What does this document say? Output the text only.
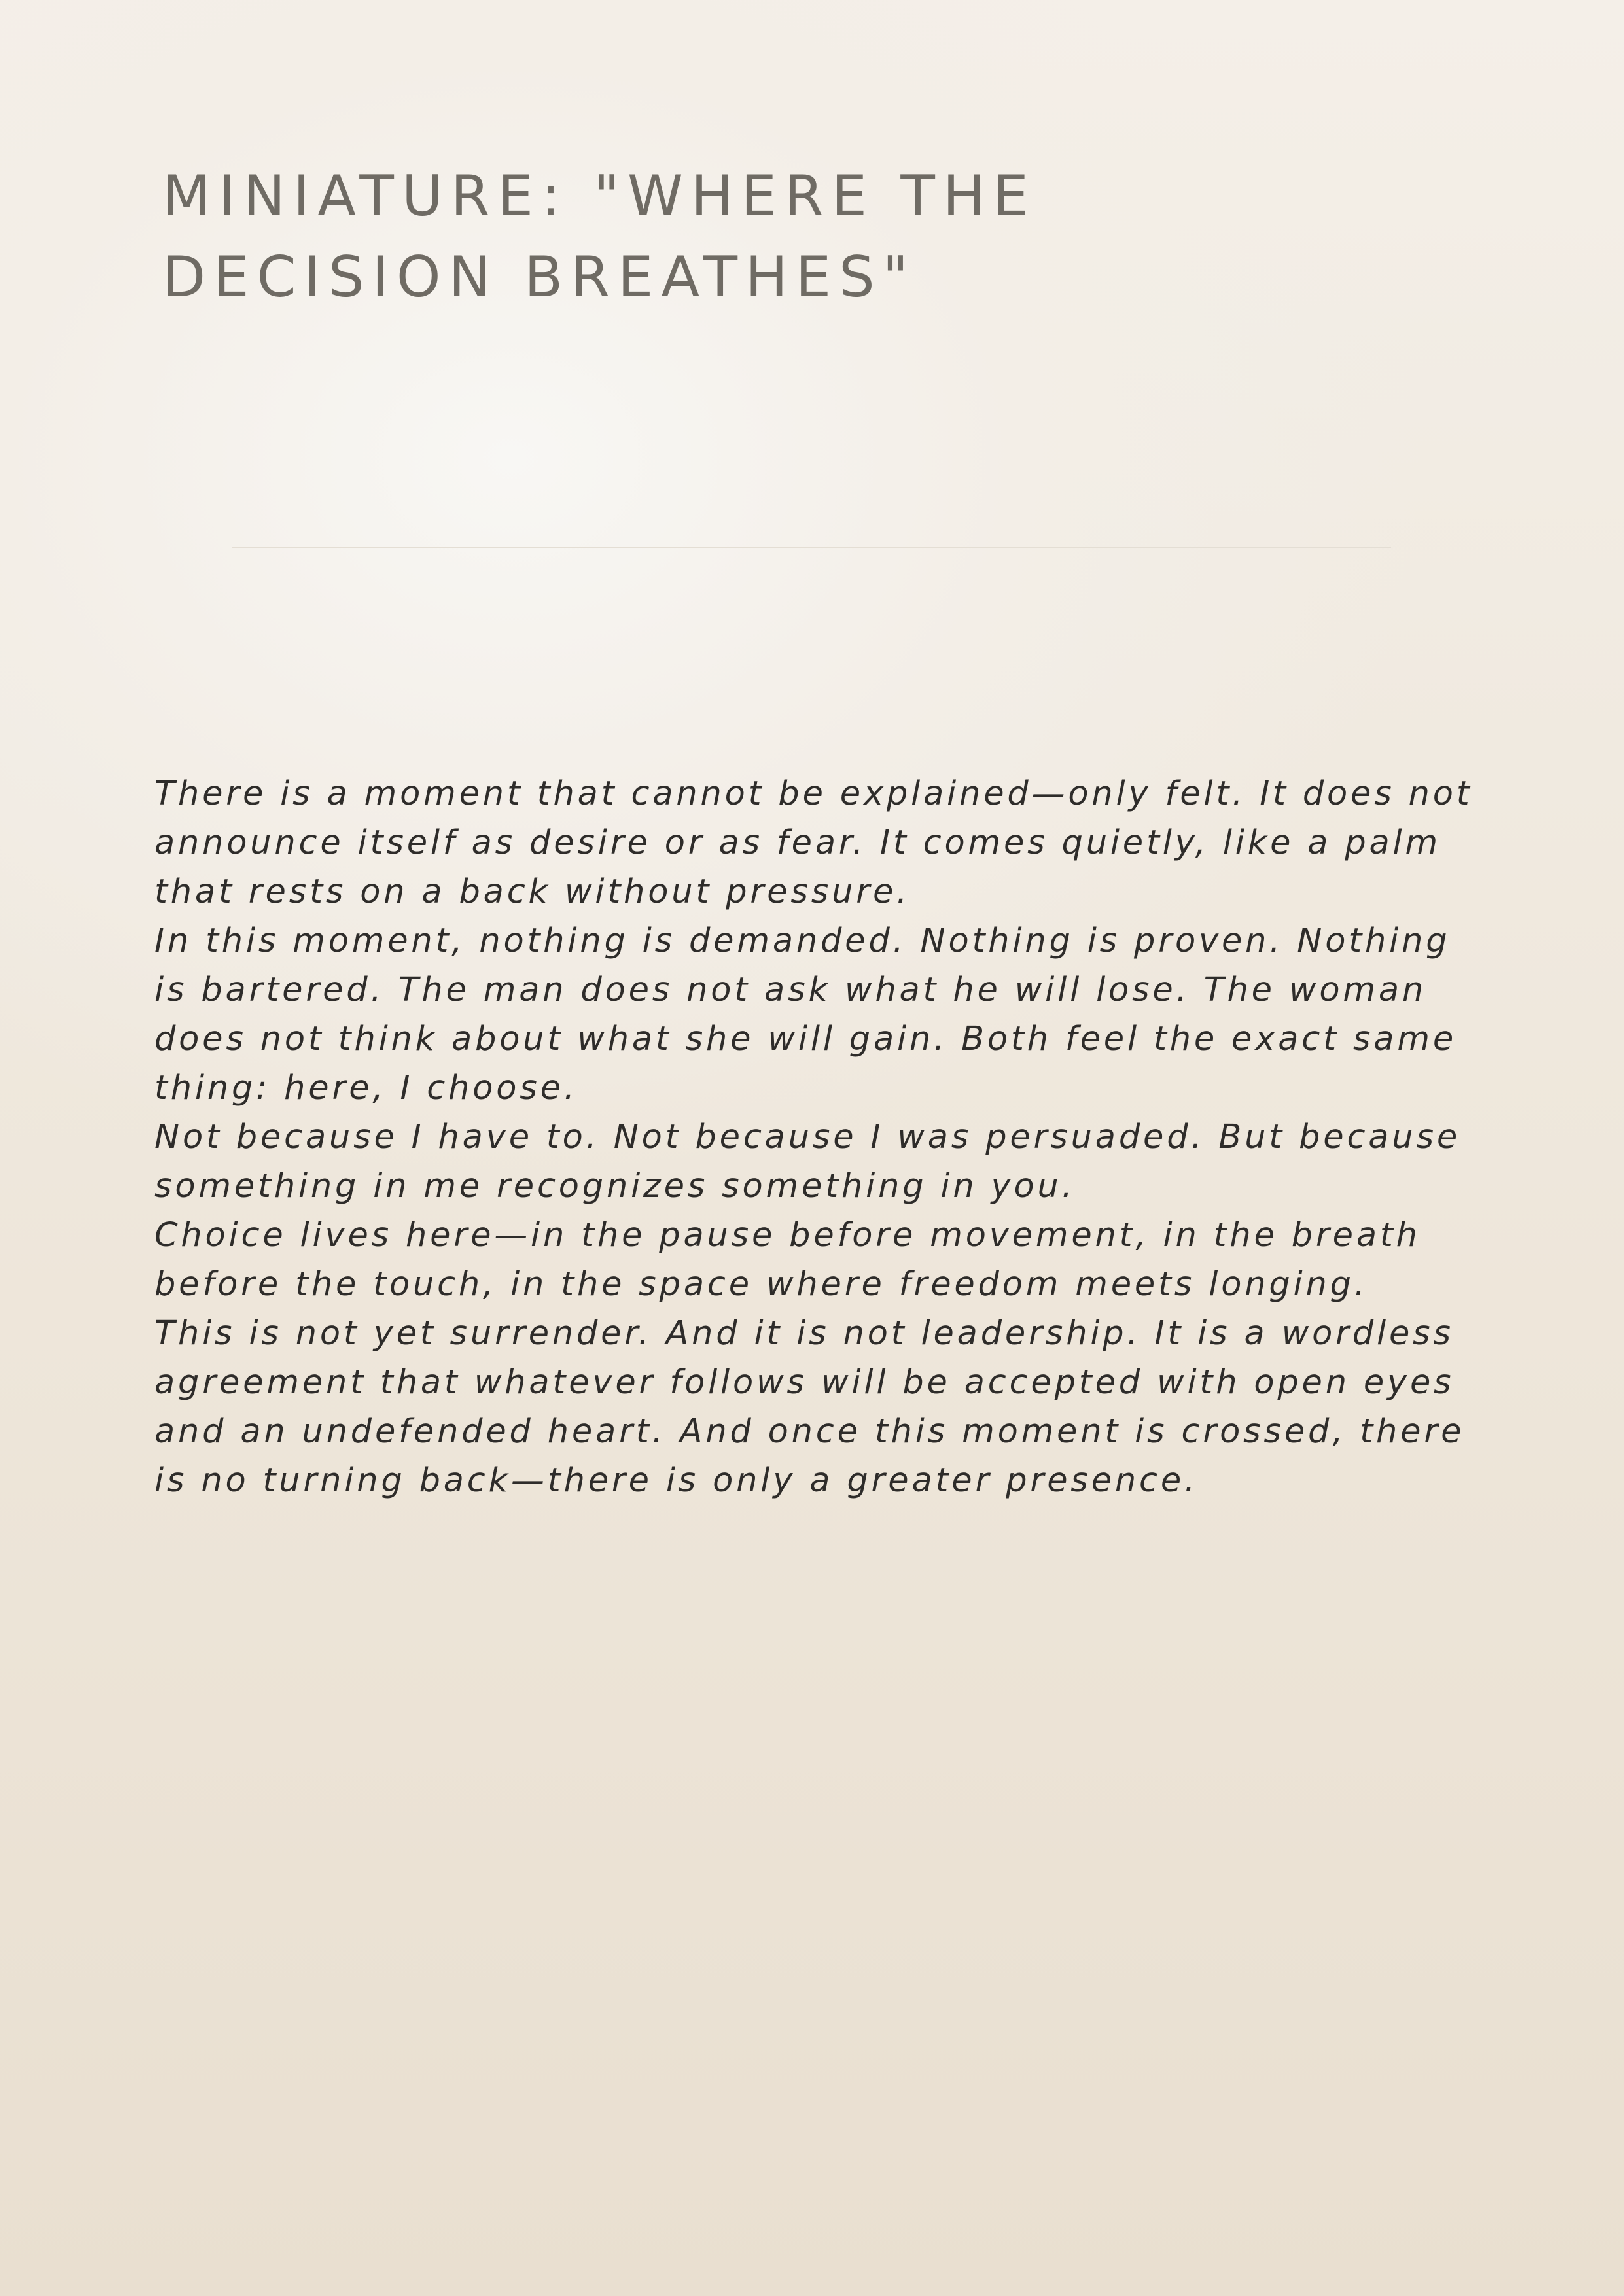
MINIATURE: "WHERE THE
DECISION BREATHES"

There is a moment that cannot be explained—only felt. It does not announce itself as desire or as fear. It comes quietly, like a palm that rests on a back without pressure.

In this moment, nothing is demanded. Nothing is proven. Nothing is bartered. The man does not ask what he will lose. The woman does not think about what she will gain. Both feel the exact same thing: here, I choose.

Not because I have to. Not because I was persuaded. But because something in me recognizes something in you.

Choice lives here—in the pause before movement, in the breath before the touch, in the space where freedom meets longing.

This is not yet surrender. And it is not leadership. It is a wordless agreement that whatever follows will be accepted with open eyes and an undefended heart. And once this moment is crossed, there is no turning back—there is only a greater presence.
